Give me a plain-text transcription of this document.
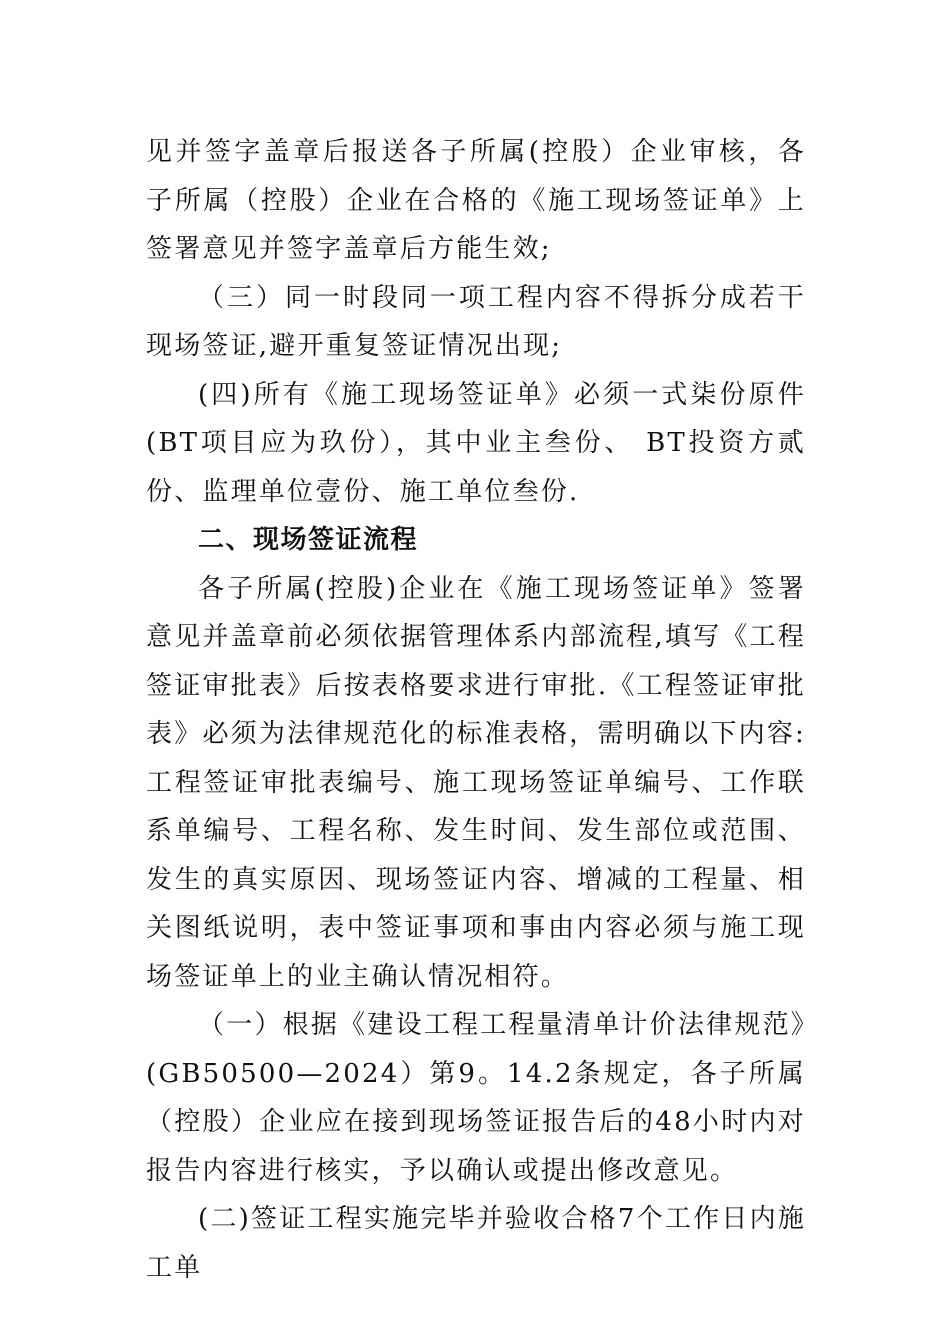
见并签字盖章后报送各子所属(控股）企业审核，各子所属（控股）企业在合格的《施工现场签证单》上签署意见并签字盖章后方能生效;

（三）同一时段同一项工程内容不得拆分成若干现场签证,避开重复签证情况出现;

(四)所有《施工现场签证单》必须一式柒份原件(BT项目应为玖份），其中业主叁份、 BT投资方贰份、监理单位壹份、施工单位叁份.

二、现场签证流程

各子所属(控股)企业在《施工现场签证单》签署意见并盖章前必须依据管理体系内部流程,填写《工程签证审批表》后按表格要求进行审批.《工程签证审批表》必须为法律规范化的标准表格，需明确以下内容:工程签证审批表编号、施工现场签证单编号、工作联系单编号、工程名称、发生时间、发生部位或范围、发生的真实原因、现场签证内容、增减的工程量、相关图纸说明，表中签证事项和事由内容必须与施工现场签证单上的业主确认情况相符。

（一）根据《建设工程工程量清单计价法律规范》(GB50500—2024）第9。14.2条规定，各子所属（控股）企业应在接到现场签证报告后的48小时内对报告内容进行核实，予以确认或提出修改意见。

(二)签证工程实施完毕并验收合格7个工作日内施工单
